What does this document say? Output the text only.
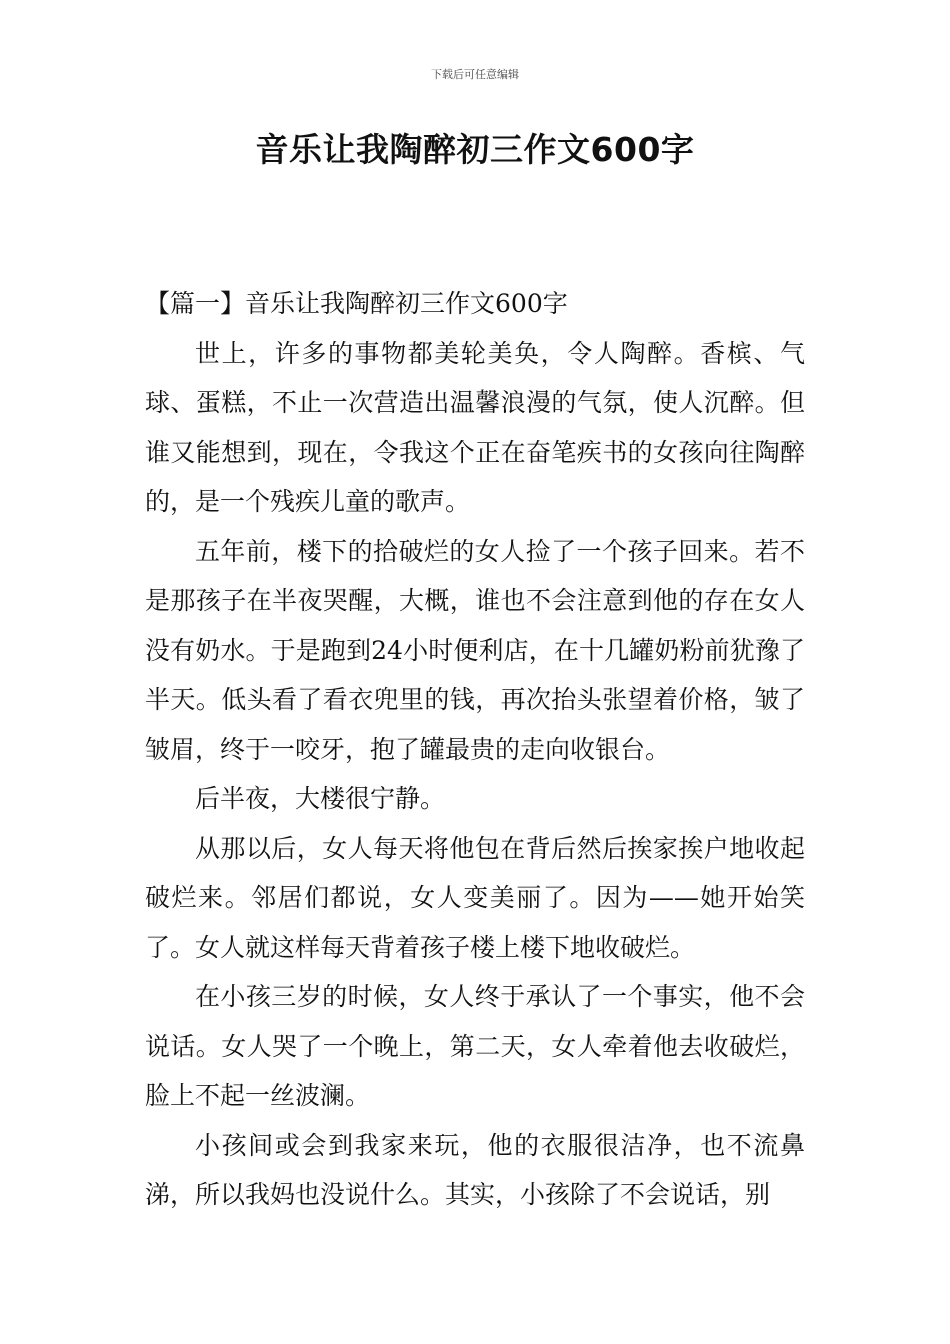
下载后可任意编辑
音乐让我陶醉初三作文600字

【篇一】音乐让我陶醉初三作文600字

世上，许多的事物都美轮美奂，令人陶醉。香槟、气球、蛋糕，不止一次营造出温馨浪漫的气氛，使人沉醉。但谁又能想到，现在，令我这个正在奋笔疾书的女孩向往陶醉的，是一个残疾儿童的歌声。

五年前，楼下的拾破烂的女人捡了一个孩子回来。若不是那孩子在半夜哭醒，大概，谁也不会注意到他的存在女人没有奶水。于是跑到24小时便利店，在十几罐奶粉前犹豫了半天。低头看了看衣兜里的钱，再次抬头张望着价格，皱了皱眉，终于一咬牙，抱了罐最贵的走向收银台。

后半夜，大楼很宁静。

从那以后，女人每天将他包在背后然后挨家挨户地收起破烂来。邻居们都说，女人变美丽了。因为——她开始笑了。女人就这样每天背着孩子楼上楼下地收破烂。

在小孩三岁的时候，女人终于承认了一个事实，他不会说话。女人哭了一个晚上，第二天，女人牵着他去收破烂，脸上不起一丝波澜。

小孩间或会到我家来玩，他的衣服很洁净，也不流鼻涕，所以我妈也没说什么。其实，小孩除了不会说话，别
